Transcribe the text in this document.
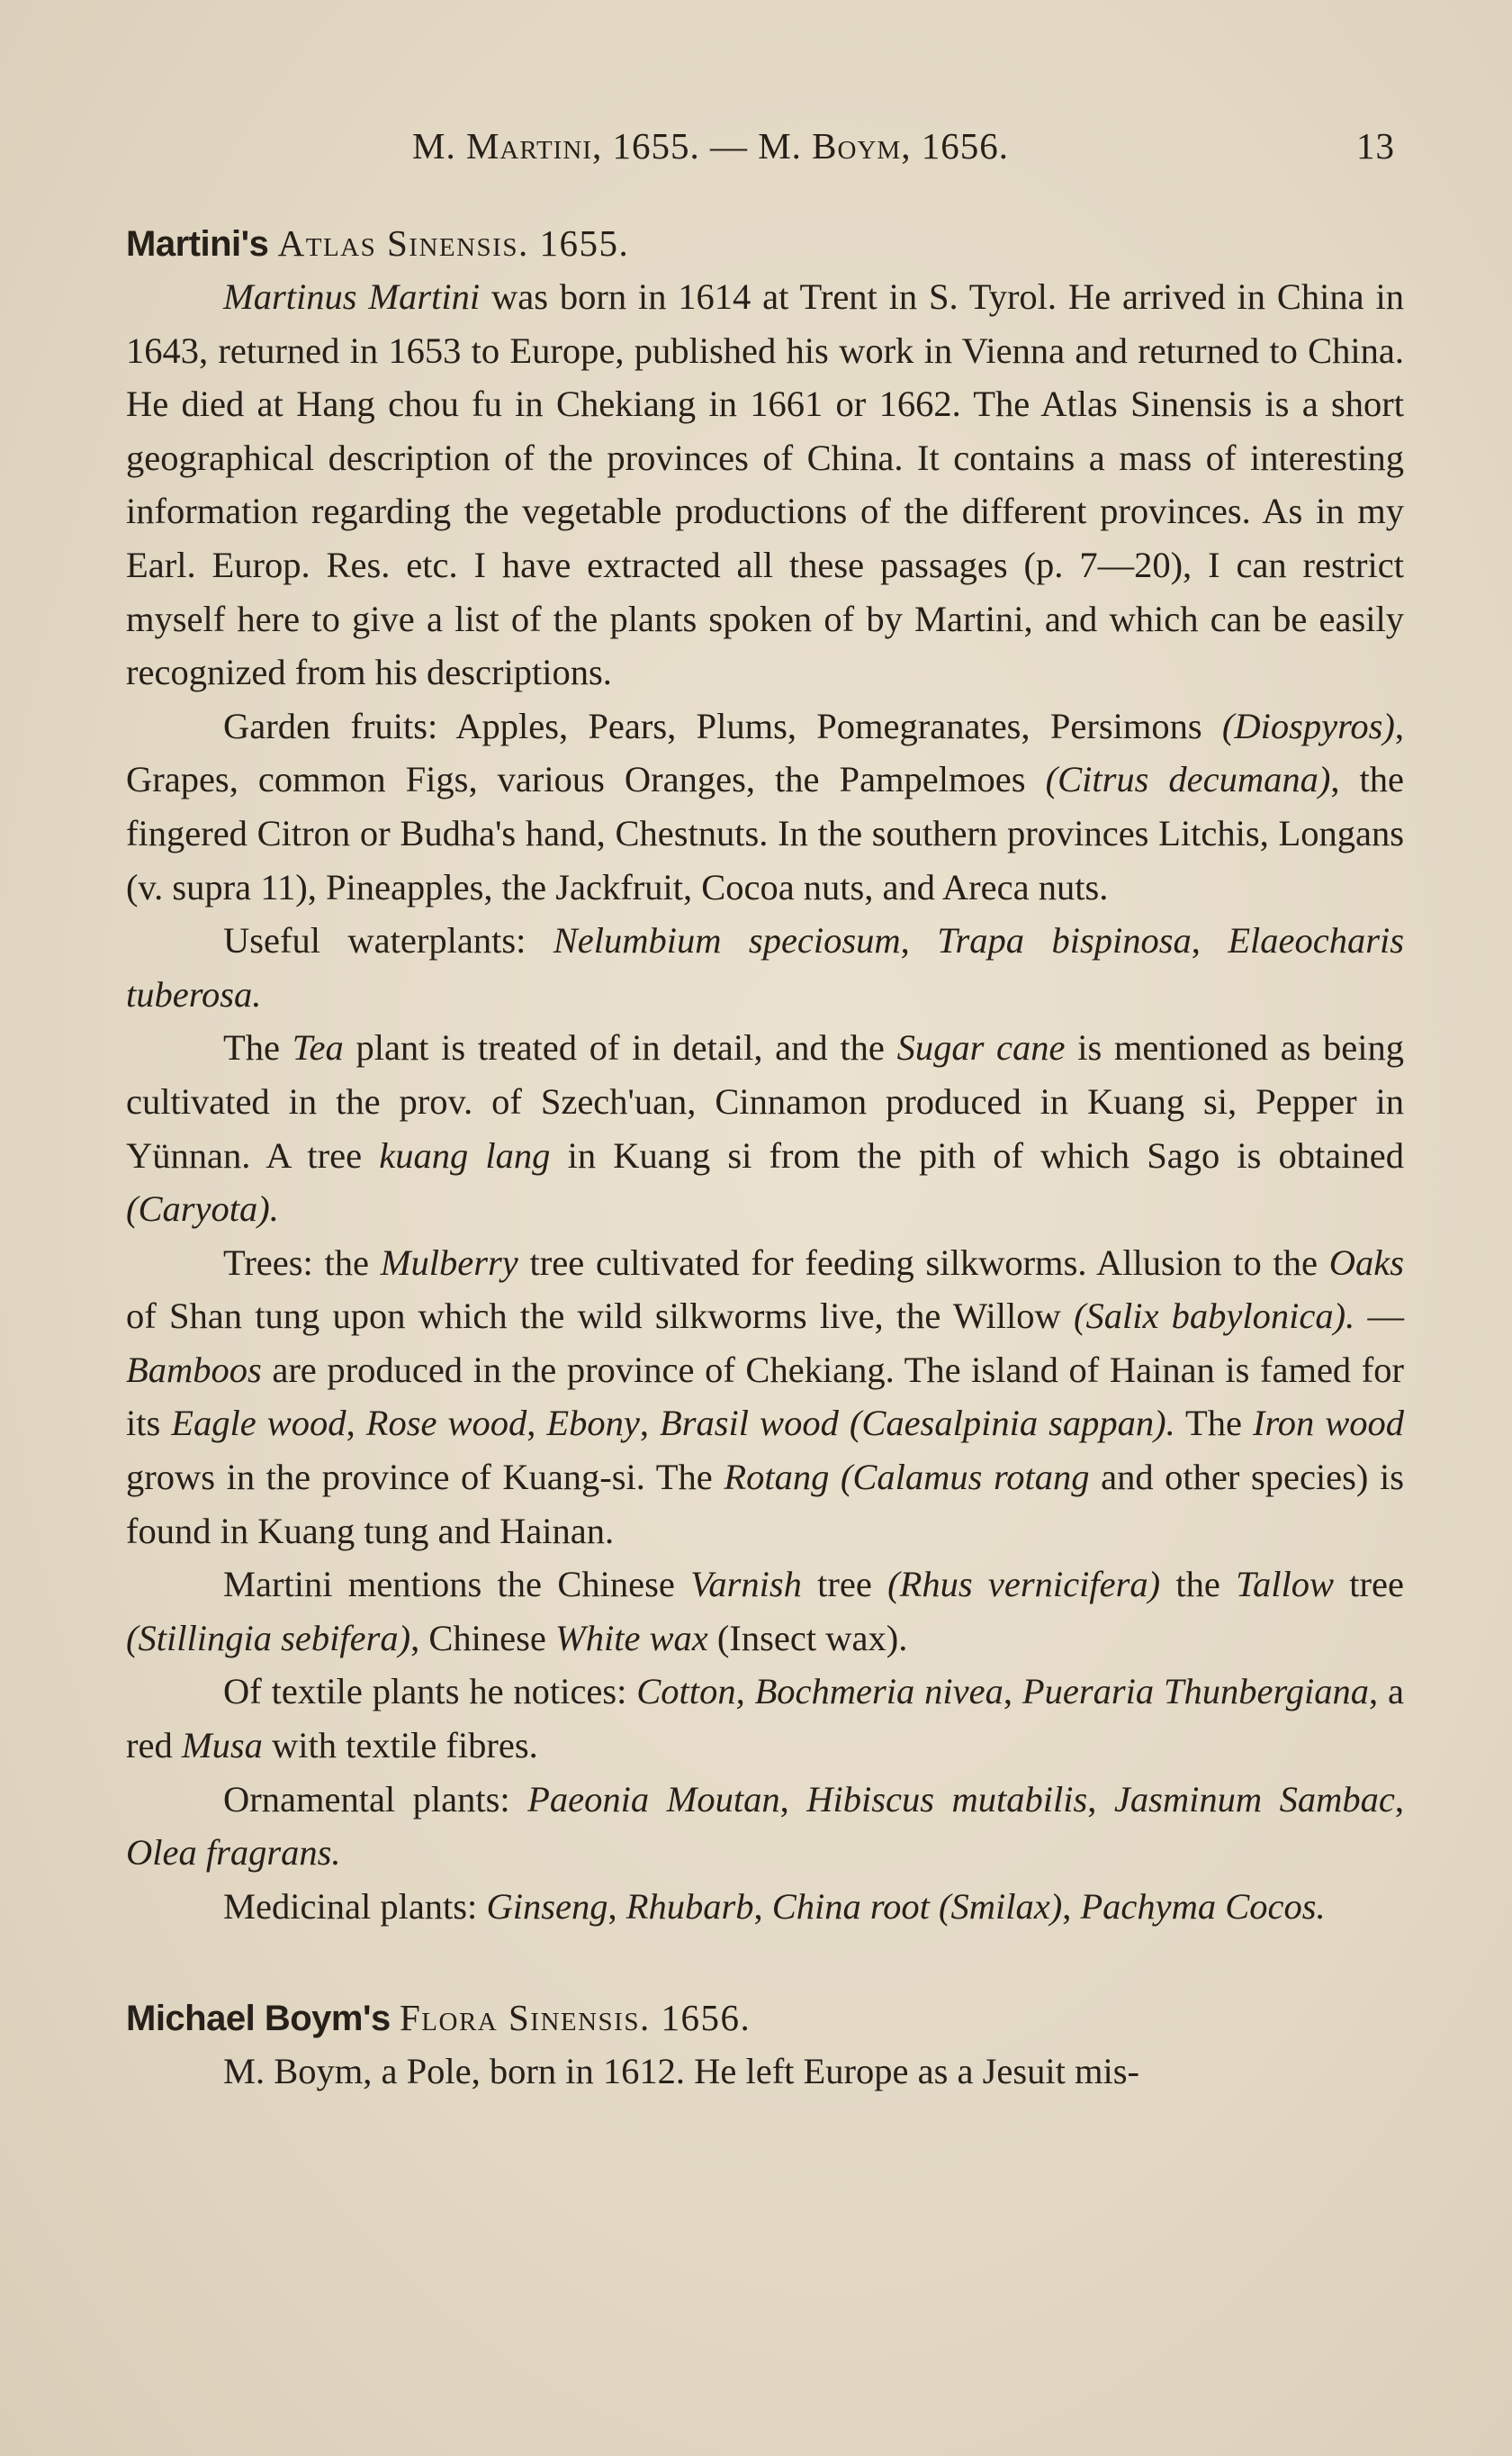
M. Martini, 1655. — M. Boym, 1656.	13
Martini's Atlas Sinensis. 1655.

Martinus Martini was born in 1614 at Trent in S. Tyrol. He arrived in China in 1643, returned in 1653 to Europe, published his work in Vienna and returned to China. He died at Hang chou fu in Chekiang in 1661 or 1662. The Atlas Sinensis is a short geographical description of the provinces of China. It contains a mass of interesting information regarding the vegetable productions of the different provinces. As in my Earl. Europ. Res. etc. I have extracted all these passages (p. 7—20), I can restrict myself here to give a list of the plants spoken of by Martini, and which can be easily recognized from his descriptions.

Garden fruits: Apples, Pears, Plums, Pomegranates, Persimons (Diospyros), Grapes, common Figs, various Oranges, the Pampelmoes (Citrus decumana), the fingered Citron or Budha's hand, Chestnuts. In the southern provinces Litchis, Longans (v. supra 11), Pineapples, the Jackfruit, Cocoa nuts, and Areca nuts.

Useful waterplants: Nelumbium speciosum, Trapa bispinosa, Elaeocharis tuberosa.

The Tea plant is treated of in detail, and the Sugar cane is mentioned as being cultivated in the prov. of Szech'uan, Cinnamon produced in Kuang si, Pepper in Yünnan. A tree kuang lang in Kuang si from the pith of which Sago is obtained (Caryota).

Trees: the Mulberry tree cultivated for feeding silkworms. Allusion to the Oaks of Shan tung upon which the wild silkworms live, the Willow (Salix babylonica). — Bamboos are produced in the province of Chekiang. The island of Hainan is famed for its Eagle wood, Rose wood, Ebony, Brasil wood (Caesalpinia sappan). The Iron wood grows in the province of Kuang-si. The Rotang (Calamus rotang and other species) is found in Kuang tung and Hainan.

Martini mentions the Chinese Varnish tree (Rhus vernicifera) the Tallow tree (Stillingia sebifera), Chinese White wax (Insect wax).

Of textile plants he notices: Cotton, Bochmeria nivea, Pueraria Thunbergiana, a red Musa with textile fibres.

Ornamental plants: Paeonia Moutan, Hibiscus mutabilis, Jasminum Sambac, Olea fragrans.

Medicinal plants: Ginseng, Rhubarb, China root (Smilax), Pachyma Cocos.

Michael Boym's Flora Sinensis. 1656.

M. Boym, a Pole, born in 1612. He left Europe as a Jesuit mis-
